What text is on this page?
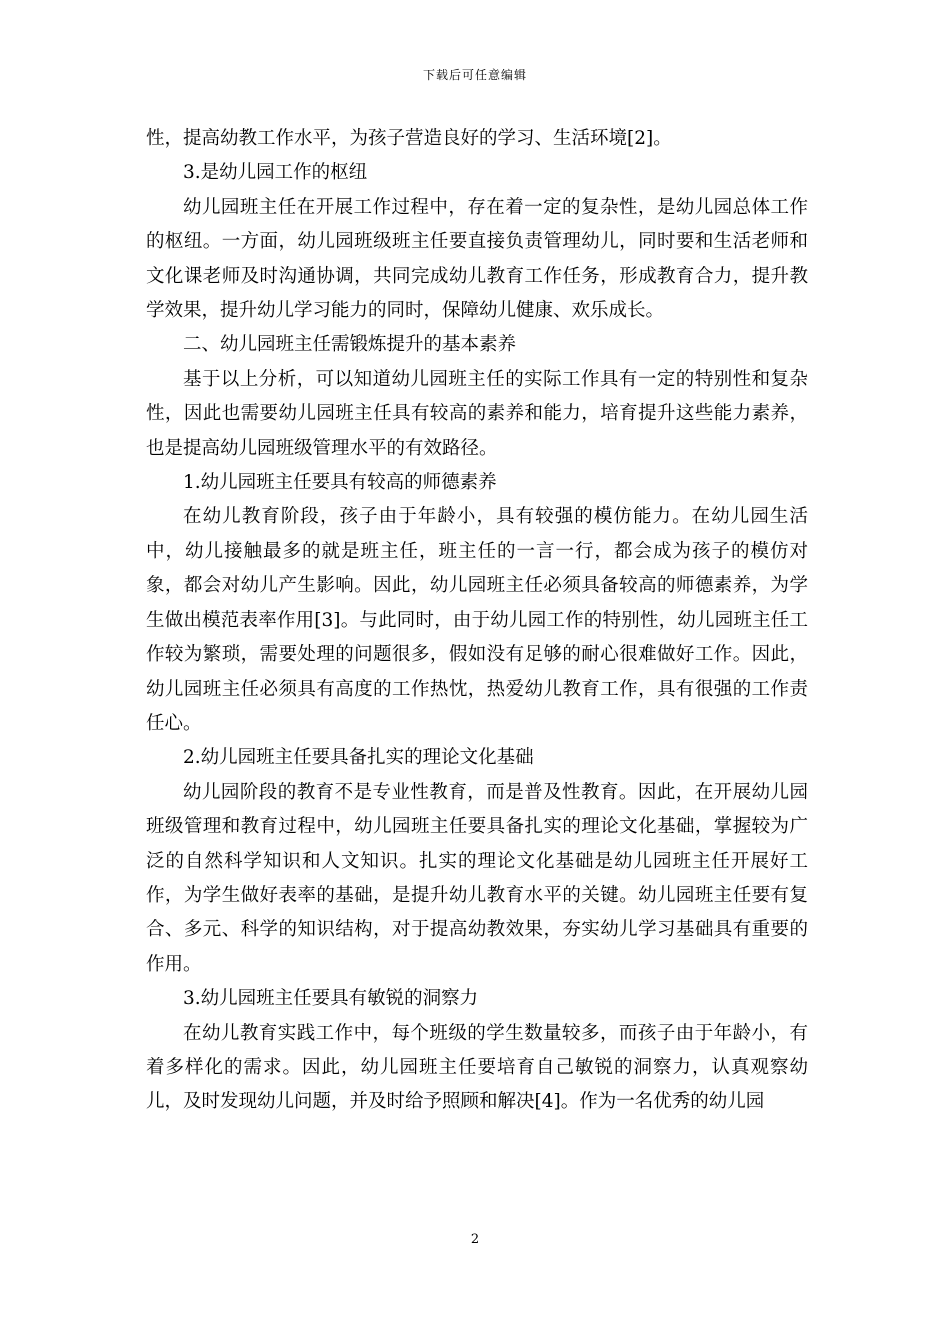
下载后可任意编辑

性，提高幼教工作水平，为孩子营造良好的学习、生活环境[2]。

3.是幼儿园工作的枢纽

幼儿园班主任在开展工作过程中，存在着一定的复杂性，是幼儿园总体工作的枢纽。一方面，幼儿园班级班主任要直接负责管理幼儿，同时要和生活老师和文化课老师及时沟通协调，共同完成幼儿教育工作任务，形成教育合力，提升教学效果，提升幼儿学习能力的同时，保障幼儿健康、欢乐成长。

二、幼儿园班主任需锻炼提升的基本素养

基于以上分析，可以知道幼儿园班主任的实际工作具有一定的特别性和复杂性，因此也需要幼儿园班主任具有较高的素养和能力，培育提升这些能力素养，也是提高幼儿园班级管理水平的有效路径。

1.幼儿园班主任要具有较高的师德素养

在幼儿教育阶段，孩子由于年龄小，具有较强的模仿能力。在幼儿园生活中，幼儿接触最多的就是班主任，班主任的一言一行，都会成为孩子的模仿对象，都会对幼儿产生影响。因此，幼儿园班主任必须具备较高的师德素养，为学生做出模范表率作用[3]。与此同时，由于幼儿园工作的特别性，幼儿园班主任工作较为繁琐，需要处理的问题很多，假如没有足够的耐心很难做好工作。因此，幼儿园班主任必须具有高度的工作热忱，热爱幼儿教育工作，具有很强的工作责任心。

2.幼儿园班主任要具备扎实的理论文化基础

幼儿园阶段的教育不是专业性教育，而是普及性教育。因此，在开展幼儿园班级管理和教育过程中，幼儿园班主任要具备扎实的理论文化基础，掌握较为广泛的自然科学知识和人文知识。扎实的理论文化基础是幼儿园班主任开展好工作，为学生做好表率的基础，是提升幼儿教育水平的关键。幼儿园班主任要有复合、多元、科学的知识结构，对于提高幼教效果，夯实幼儿学习基础具有重要的作用。

3.幼儿园班主任要具有敏锐的洞察力

在幼儿教育实践工作中，每个班级的学生数量较多，而孩子由于年龄小，有着多样化的需求。因此，幼儿园班主任要培育自己敏锐的洞察力，认真观察幼儿，及时发现幼儿问题，并及时给予照顾和解决[4]。作为一名优秀的幼儿园

2
